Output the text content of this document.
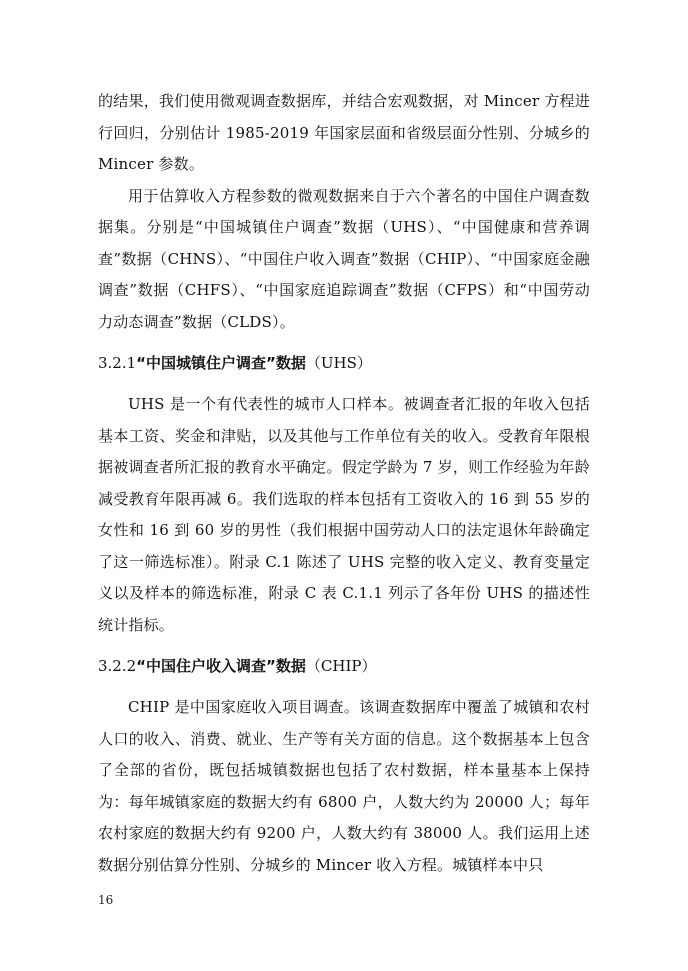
的结果，我们使用微观调查数据库，并结合宏观数据，对 Mincer 方程进行回归，分别估计 1985-2019 年国家层面和省级层面分性别、分城乡的 Mincer 参数。

用于估算收入方程参数的微观数据来自于六个著名的中国住户调查数据集。分别是“中国城镇住户调查”数据（UHS）、“中国健康和营养调查”数据（CHNS）、“中国住户收入调查”数据（CHIP）、“中国家庭金融调查”数据（CHFS）、“中国家庭追踪调查”数据（CFPS）和“中国劳动力动态调查”数据（CLDS）。

3.2.1“中国城镇住户调查”数据（UHS）

UHS 是一个有代表性的城市人口样本。被调查者汇报的年收入包括基本工资、奖金和津贴，以及其他与工作单位有关的收入。受教育年限根据被调查者所汇报的教育水平确定。假定学龄为 7 岁，则工作经验为年龄减受教育年限再减 6。我们选取的样本包括有工资收入的 16 到 55 岁的女性和 16 到 60 岁的男性（我们根据中国劳动人口的法定退休年龄确定了这一筛选标准）。附录 C.1 陈述了 UHS 完整的收入定义、教育变量定义以及样本的筛选标准，附录 C 表 C.1.1 列示了各年份 UHS 的描述性统计指标。

3.2.2“中国住户收入调查”数据（CHIP）

CHIP 是中国家庭收入项目调查。该调查数据库中覆盖了城镇和农村人口的收入、消费、就业、生产等有关方面的信息。这个数据基本上包含了全部的省份，既包括城镇数据也包括了农村数据，样本量基本上保持为：每年城镇家庭的数据大约有 6800 户，人数大约为 20000 人；每年农村家庭的数据大约有 9200 户，人数大约有 38000 人。我们运用上述数据分别估算分性别、分城乡的 Mincer 收入方程。城镇样本中只

16
